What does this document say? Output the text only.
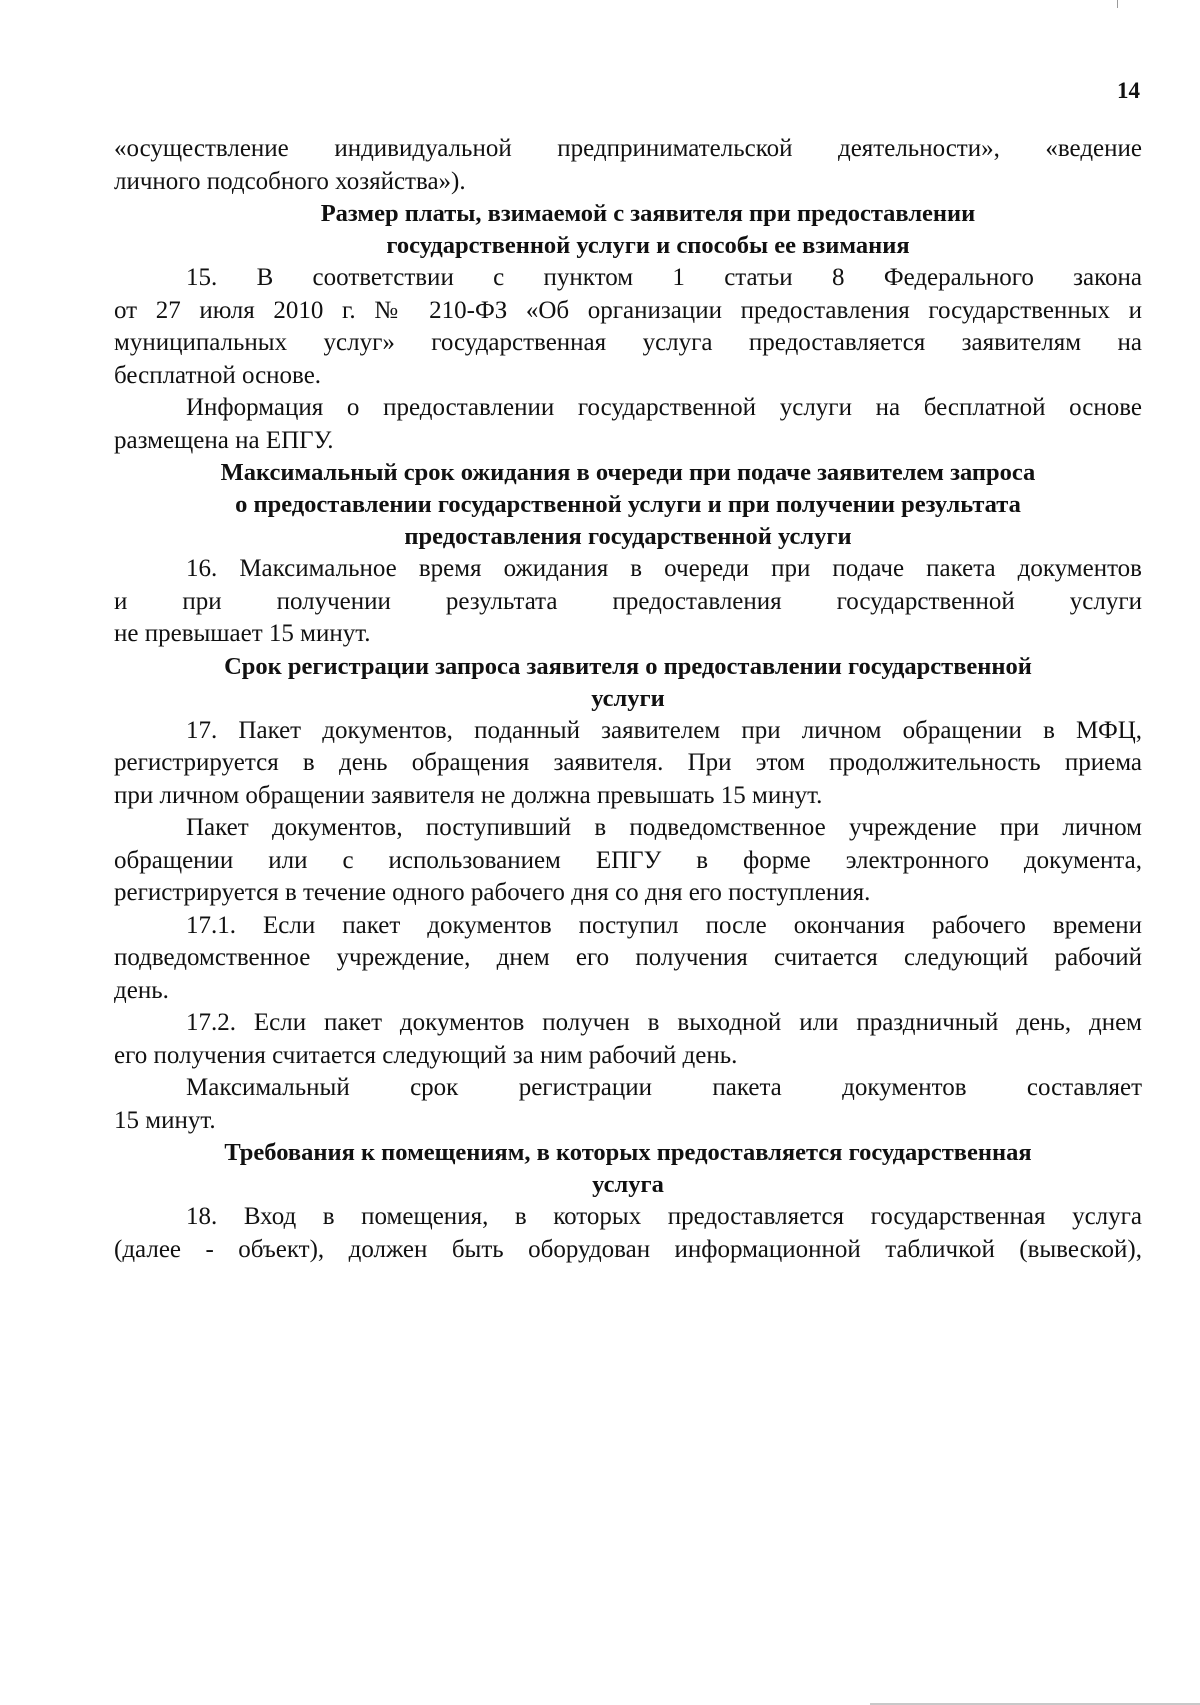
14

«осуществление индивидуальной предпринимательской деятельности», «ведение
личного подсобного хозяйства»).

Размер платы, взимаемой с заявителя при предоставлении
государственной услуги и способы ее взимания

15. В соответствии с пунктом 1 статьи 8 Федерального закона
от 27 июля 2010 г. № 210-ФЗ «Об организации предоставления государственных и
муниципальных услуг» государственная услуга предоставляется заявителям на
бесплатной основе.

Информация о предоставлении государственной услуги на бесплатной основе
размещена на ЕПГУ.

Максимальный срок ожидания в очереди при подаче заявителем запроса
о предоставлении государственной услуги и при получении результата
предоставления государственной услуги

16. Максимальное время ожидания в очереди при подаче пакета документов
и при получении результата предоставления государственной услуги
не превышает 15 минут.

Срок регистрации запроса заявителя о предоставлении государственной
услуги

17. Пакет документов, поданный заявителем при личном обращении в МФЦ,
регистрируется в день обращения заявителя. При этом продолжительность приема
при личном обращении заявителя не должна превышать 15 минут.

Пакет документов, поступивший в подведомственное учреждение при личном
обращении или с использованием ЕПГУ в форме электронного документа,
регистрируется в течение одного рабочего дня со дня его поступления.

17.1. Если пакет документов поступил после окончания рабочего времени
подведомственное учреждение, днем его получения считается следующий рабочий
день.

17.2. Если пакет документов получен в выходной или праздничный день, днем
его получения считается следующий за ним рабочий день.

Максимальный срок регистрации пакета документов составляет
15 минут.

Требования к помещениям, в которых предоставляется государственная
услуга

18. Вход в помещения, в которых предоставляется государственная услуга
(далее - объект), должен быть оборудован информационной табличкой (вывеской),
